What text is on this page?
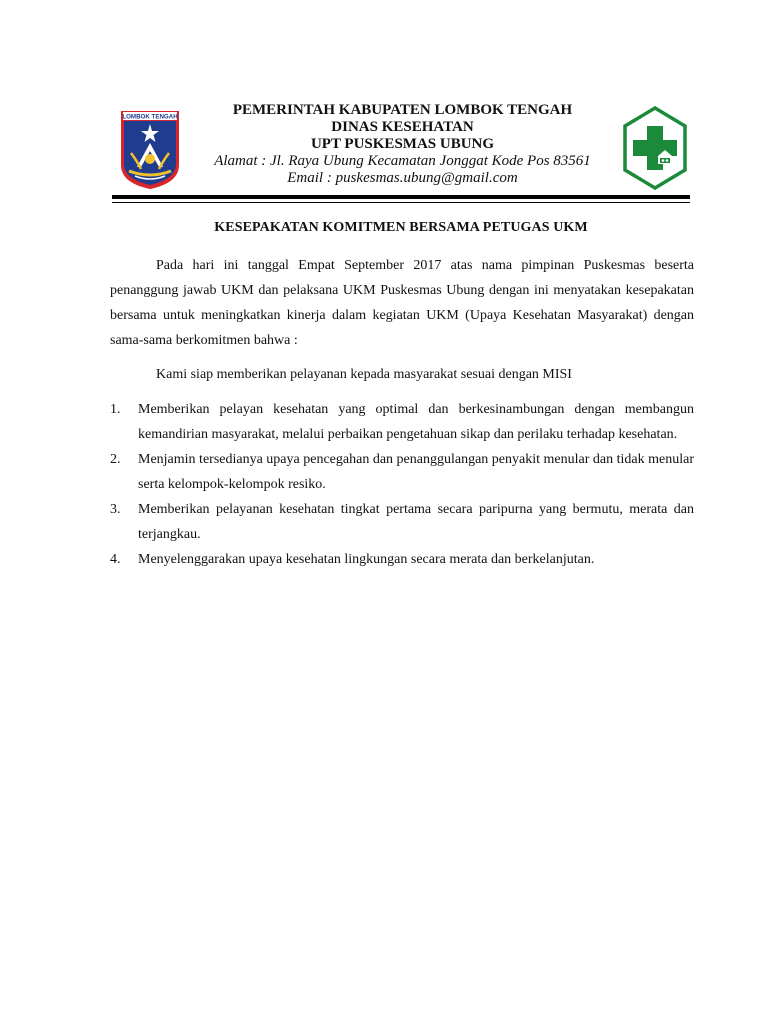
LOMBOK TENGAH	PEMERINTAH KABUPATEN LOMBOK TENGAH
DINAS KESEHATAN
UPT PUSKESMAS UBUNG
Alamat : Jl. Raya Ubung Kecamatan Jonggat Kode Pos 83561
Email : puskesmas.ubung@gmail.com
KESEPAKATAN KOMITMEN BERSAMA PETUGAS UKM

Pada hari ini tanggal Empat September 2017 atas nama pimpinan Puskesmas beserta penanggung jawab UKM dan pelaksana UKM Puskesmas Ubung dengan ini menyatakan kesepakatan bersama untuk meningkatkan kinerja dalam kegiatan UKM (Upaya Kesehatan Masyarakat) dengan sama-sama berkomitmen bahwa :

Kami siap memberikan pelayanan kepada masyarakat sesuai dengan MISI

1. Memberikan pelayan kesehatan yang optimal dan berkesinambungan dengan membangun kemandirian masyarakat, melalui perbaikan pengetahuan sikap dan perilaku terhadap kesehatan.
2. Menjamin tersedianya upaya pencegahan dan penanggulangan penyakit menular dan tidak menular serta kelompok-kelompok resiko.
3. Memberikan pelayanan kesehatan tingkat pertama secara paripurna yang bermutu, merata dan terjangkau.
4. Menyelenggarakan upaya kesehatan lingkungan secara merata dan berkelanjutan.
